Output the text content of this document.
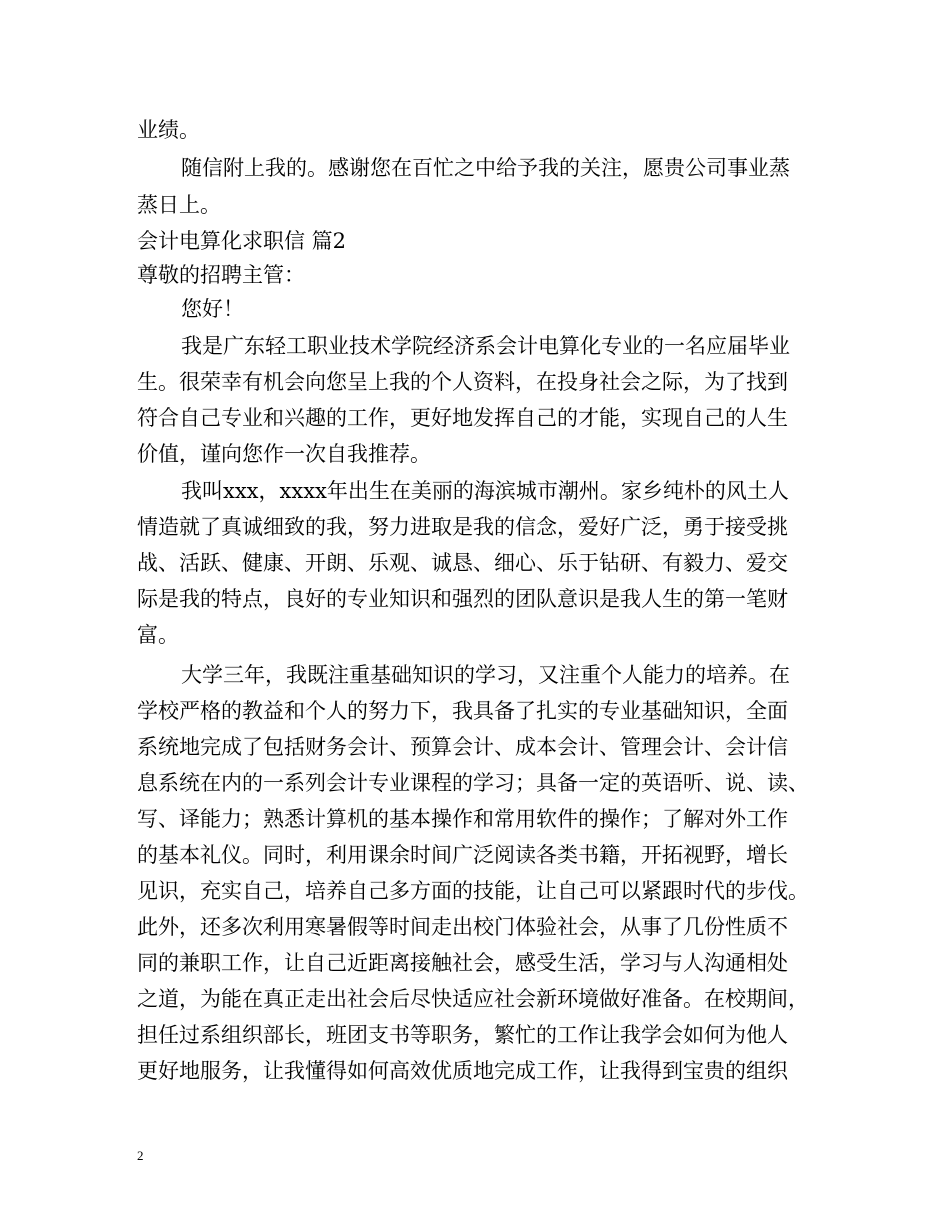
业绩。
随信附上我的。感谢您在百忙之中给予我的关注，愿贵公司事业蒸
蒸日上。
会计电算化求职信 篇2
尊敬的招聘主管：
您好！
我是广东轻工职业技术学院经济系会计电算化专业的一名应届毕业
生。很荣幸有机会向您呈上我的个人资料，在投身社会之际，为了找到
符合自己专业和兴趣的工作，更好地发挥自己的才能，实现自己的人生
价值，谨向您作一次自我推荐。
我叫xxx，xxxx年出生在美丽的海滨城市潮州。家乡纯朴的风土人
情造就了真诚细致的我，努力进取是我的信念，爱好广泛，勇于接受挑
战、活跃、健康、开朗、乐观、诚恳、细心、乐于钻研、有毅力、爱交
际是我的特点，良好的专业知识和强烈的团队意识是我人生的第一笔财
富。
大学三年，我既注重基础知识的学习，又注重个人能力的培养。在
学校严格的教益和个人的努力下，我具备了扎实的专业基础知识，全面
系统地完成了包括财务会计、预算会计、成本会计、管理会计、会计信
息系统在内的一系列会计专业课程的学习；具备一定的英语听、说、读、
写、译能力；熟悉计算机的基本操作和常用软件的操作；了解对外工作
的基本礼仪。同时，利用课余时间广泛阅读各类书籍，开拓视野，增长
见识，充实自己，培养自己多方面的技能，让自己可以紧跟时代的步伐。
此外，还多次利用寒暑假等时间走出校门体验社会，从事了几份性质不
同的兼职工作，让自己近距离接触社会，感受生活，学习与人沟通相处
之道，为能在真正走出社会后尽快适应社会新环境做好准备。在校期间，
担任过系组织部长，班团支书等职务，繁忙的工作让我学会如何为他人
更好地服务，让我懂得如何高效优质地完成工作，让我得到宝贵的组织
2
